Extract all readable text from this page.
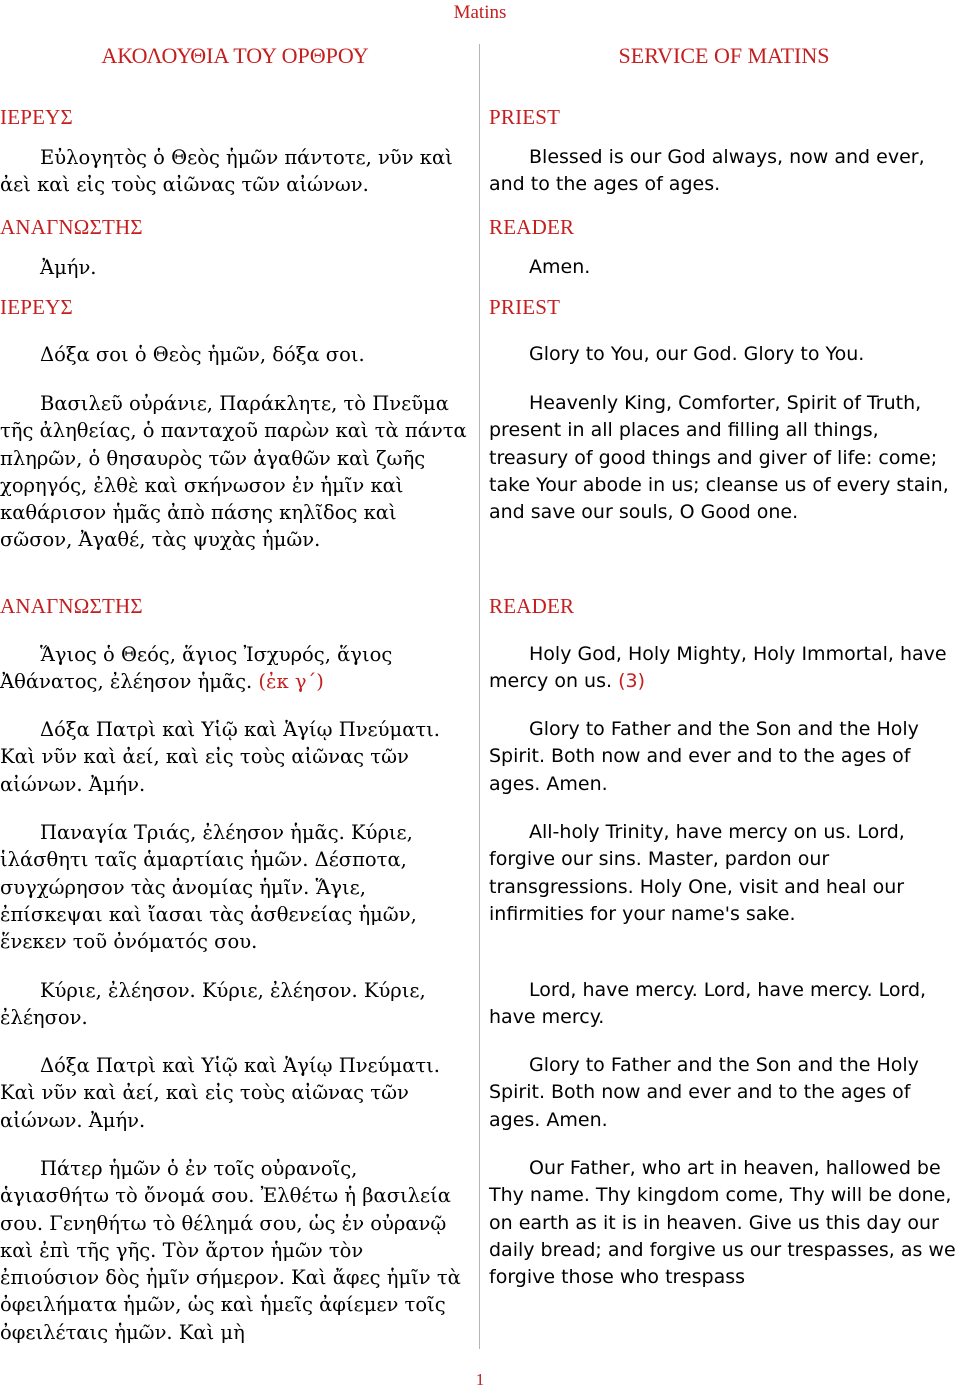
Matins
ΑΚΟΛΟΥΘΙΑ ΤΟΥ ΟΡΘΡΟΥ
ΙΕΡΕΥΣ

Εὐλογητὸς ὁ Θεὸς ἡμῶν πάντοτε, νῦν καὶ ἀεὶ καὶ εἰς τοὺς αἰῶνας τῶν αἰώνων.

ΑΝΑΓΝΩΣΤΗΣ

Ἀμήν.

ΙΕΡΕΥΣ

Δόξα σοι ὁ Θεὸς ἡμῶν, δόξα σοι.

Βασιλεῦ οὐράνιε, Παράκλητε, τὸ Πνεῦμα τῆς ἀληθείας, ὁ πανταχοῦ παρὼν καὶ τὰ πάντα πληρῶν, ὁ θησαυρὸς τῶν ἀγαθῶν καὶ ζωῆς χορηγός, ἐλθὲ καὶ σκήνωσον ἐν ἡμῖν καὶ καθάρισον ἡμᾶς ἀπὸ πάσης κηλῖδος καὶ σῶσον, Ἀγαθέ, τὰς ψυχὰς ἡμῶν.

ΑΝΑΓΝΩΣΤΗΣ

Ἅγιος ὁ Θεός, ἅγιος Ἰσχυρός, ἅγιος Ἀθάνατος, ἐλέησον ἡμᾶς. (ἐκ γ΄)

Δόξα Πατρὶ καὶ Υἱῷ καὶ Ἁγίῳ Πνεύματι. Καὶ νῦν καὶ ἀεί, καὶ εἰς τοὺς αἰῶνας τῶν αἰώνων. Ἀμήν.

Παναγία Τριάς, ἐλέησον ἡμᾶς. Κύριε, ἱλάσθητι ταῖς ἁμαρτίαις ἡμῶν. Δέσποτα, συγχώρησον τὰς ἀνομίας ἡμῖν. Ἅγιε, ἐπίσκεψαι καὶ ἴασαι τὰς ἀσθενείας ἡμῶν, ἕνεκεν τοῦ ὀνόματός σου.

Κύριε, ἐλέησον. Κύριε, ἐλέησον. Κύριε, ἐλέησον.

Δόξα Πατρὶ καὶ Υἱῷ καὶ Ἁγίῳ Πνεύματι. Καὶ νῦν καὶ ἀεί, καὶ εἰς τοὺς αἰῶνας τῶν αἰώνων. Ἀμήν.

Πάτερ ἡμῶν ὁ ἐν τοῖς οὐρανοῖς, ἁγιασθήτω τὸ ὄνομά σου. Ἐλθέτω ἡ βασιλεία σου. Γενηθήτω τὸ θέλημά σου, ὡς ἐν οὐρανῷ καὶ ἐπὶ τῆς γῆς. Τὸν ἄρτον ἡμῶν τὸν ἐπιούσιον δὸς ἡμῖν σήμερον. Καὶ ἄφες ἡμῖν τὰ ὀφειλήματα ἡμῶν, ὡς καὶ ἡμεῖς ἀφίεμεν τοῖς ὀφειλέταις ἡμῶν. Καὶ μὴ

SERVICE OF MATINS
PRIEST

Blessed is our God always, now and ever, and to the ages of ages.

READER

Amen.

PRIEST

Glory to You, our God. Glory to You.

Heavenly King, Comforter, Spirit of Truth, present in all places and filling all things, treasury of good things and giver of life: come; take Your abode in us; cleanse us of every stain, and save our souls, O Good one.

READER

Holy God, Holy Mighty, Holy Immortal, have mercy on us. (3)

Glory to Father and the Son and the Holy Spirit. Both now and ever and to the ages of ages. Amen.

All-holy Trinity, have mercy on us. Lord, forgive our sins. Master, pardon our transgressions. Holy One, visit and heal our infirmities for your name's sake.

Lord, have mercy. Lord, have mercy. Lord, have mercy.

Glory to Father and the Son and the Holy Spirit. Both now and ever and to the ages of ages. Amen.

Our Father, who art in heaven, hallowed be Thy name. Thy kingdom come, Thy will be done, on earth as it is in heaven. Give us this day our daily bread; and forgive us our trespasses, as we forgive those who trespass

1
